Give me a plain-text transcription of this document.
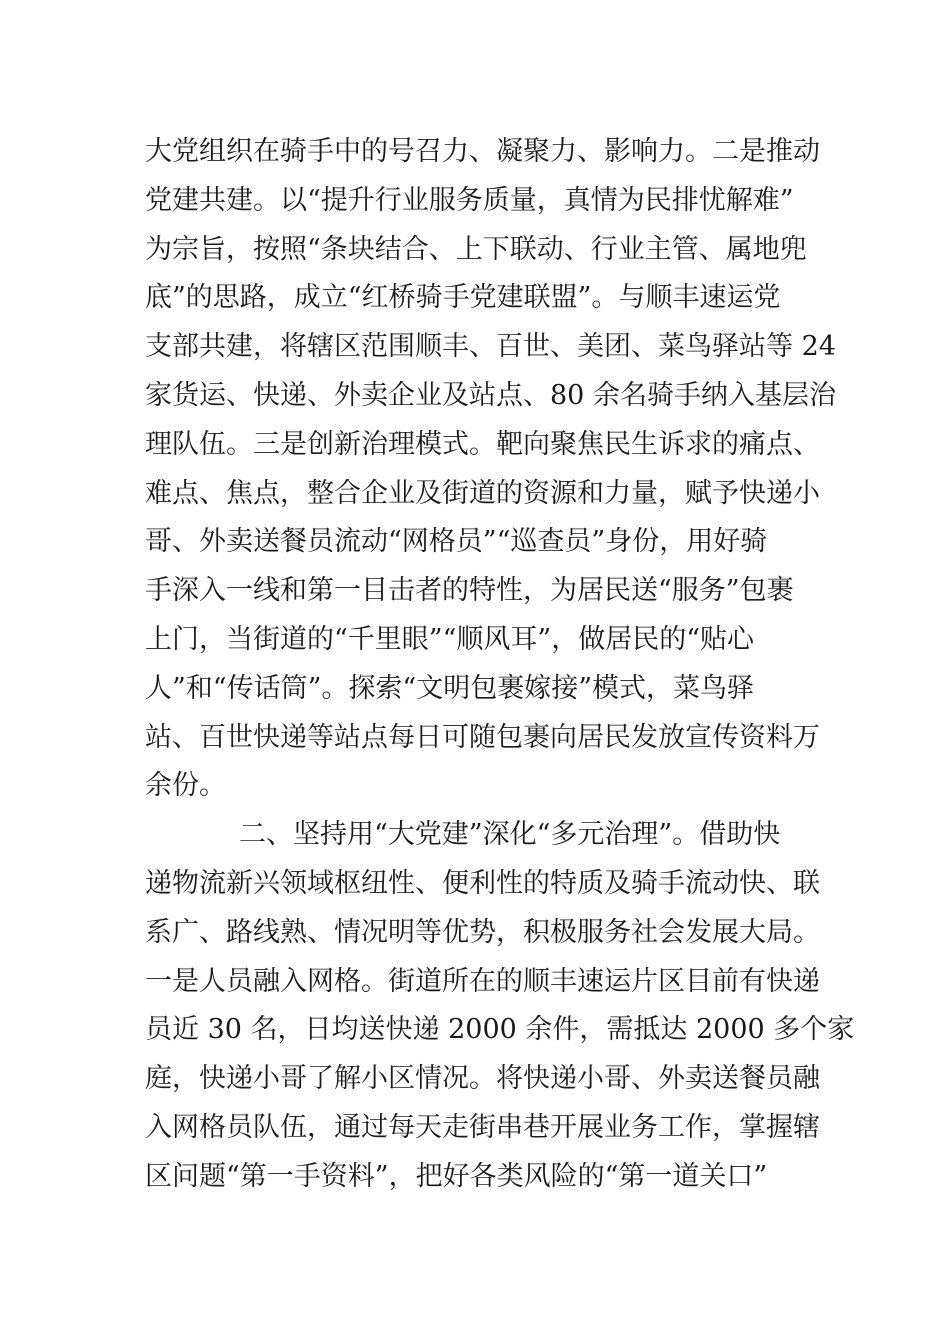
大党组织在骑手中的号召力、凝聚力、影响力。二是推动
党建共建。以“提升行业服务质量，真情为民排忧解难”
为宗旨，按照“条块结合、上下联动、行业主管、属地兜
底”的思路，成立“红桥骑手党建联盟”。与顺丰速运党
支部共建，将辖区范围顺丰、百世、美团、菜鸟驿站等 24
家货运、快递、外卖企业及站点、80 余名骑手纳入基层治
理队伍。三是创新治理模式。靶向聚焦民生诉求的痛点、
难点、焦点，整合企业及街道的资源和力量，赋予快递小
哥、外卖送餐员流动“网格员”“巡查员”身份，用好骑
手深入一线和第一目击者的特性，为居民送“服务”包裹
上门，当街道的“千里眼”“顺风耳”，做居民的“贴心
人”和“传话筒”。探索“文明包裹嫁接”模式，菜鸟驿
站、百世快递等站点每日可随包裹向居民发放宣传资料万
余份。
二、坚持用“大党建”深化“多元治理”。借助快
递物流新兴领域枢纽性、便利性的特质及骑手流动快、联
系广、路线熟、情况明等优势，积极服务社会发展大局。
一是人员融入网格。街道所在的顺丰速运片区目前有快递
员近 30 名，日均送快递 2000 余件，需抵达 2000 多个家
庭，快递小哥了解小区情况。将快递小哥、外卖送餐员融
入网格员队伍，通过每天走街串巷开展业务工作，掌握辖
区问题“第一手资料”，把好各类风险的“第一道关口”
